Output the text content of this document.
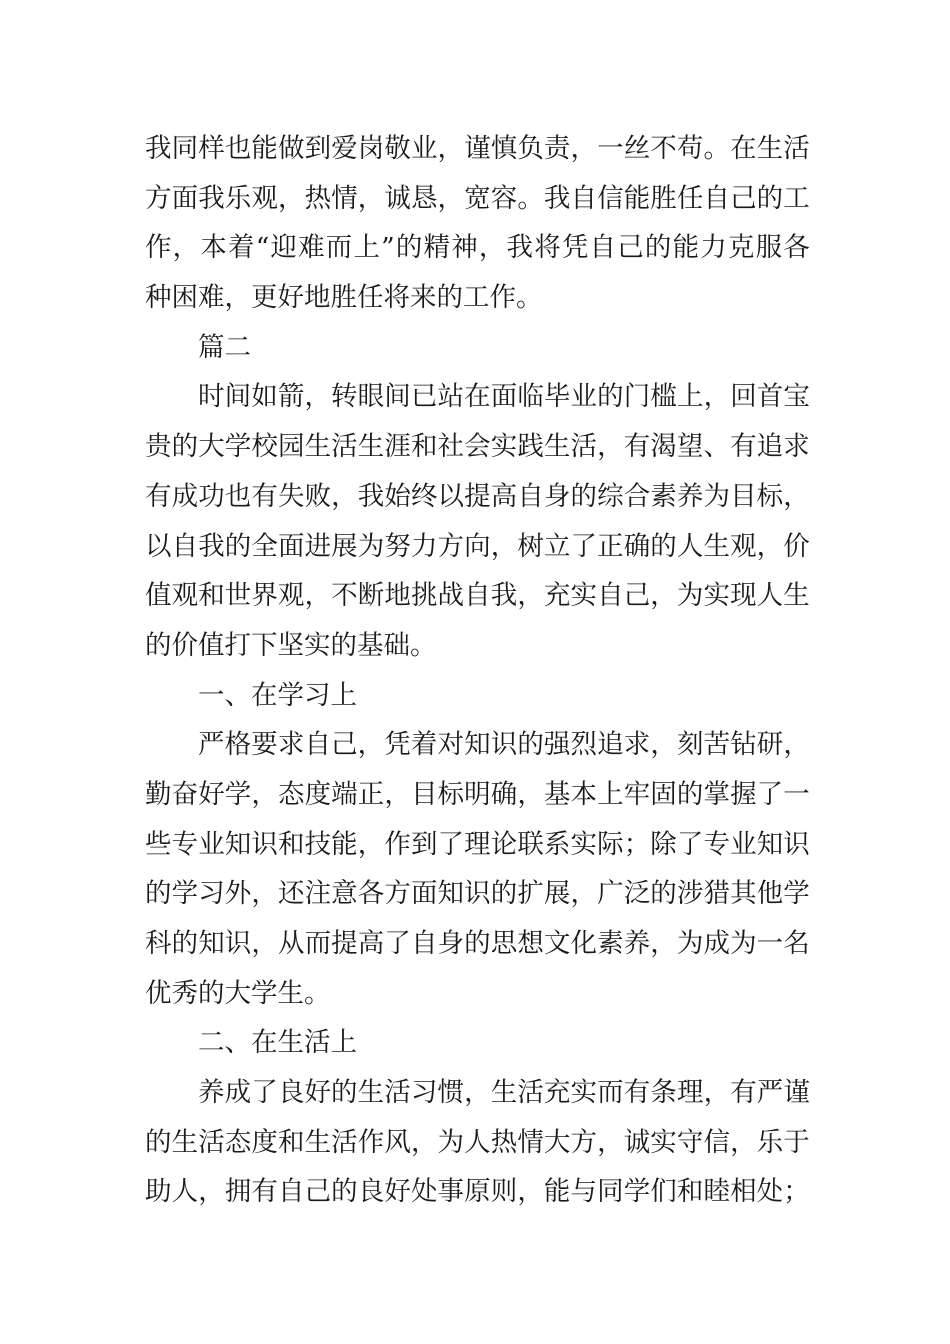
我 同 样 也 能 做 到 爱 岗 敬 业 ， 谨 慎 负 责 ， 一 丝 不 苟 。 在 生 活
方 面 我 乐 观 ， 热 情 ， 诚 恳 ， 宽 容 。 我 自 信 能 胜 任 自 己 的 工
作 ， 本 着 “ 迎 难 而 上 ” 的 精 神 ， 我 将 凭 自 己 的 能 力 克 服 各
种困难，更好地胜任将来的工作。
篇二
时 间 如 箭 ， 转 眼 间 已 站 在 面 临 毕 业 的 门 槛 上 ， 回 首 宝
贵 的 大 学 校 园 生 活 生 涯 和 社 会 实 践 生 活 ， 有 渴 望 、 有 追 求
有 成 功 也 有 失 败 ， 我 始 终 以 提 高 自 身 的 综 合 素 养 为 目 标 ，
以 自 我 的 全 面 进 展 为 努 力 方 向 ， 树 立 了 正 确 的 人 生 观 ， 价
值 观 和 世 界 观 ， 不 断 地 挑 战 自 我 ， 充 实 自 己 ， 为 实 现 人 生
的价值打下坚实的基础。
一、在学习上
严 格 要 求 自 己 ， 凭 着 对 知 识 的 强 烈 追 求 ， 刻 苦 钻 研 ，
勤 奋 好 学 ， 态 度 端 正 ， 目 标 明 确 ， 基 本 上 牢 固 的 掌 握 了 一
些 专 业 知 识 和 技 能 ， 作 到 了 理 论 联 系 实 际 ； 除 了 专 业 知 识
的 学 习 外 ， 还 注 意 各 方 面 知 识 的 扩 展 ， 广 泛 的 涉 猎 其 他 学
科 的 知 识 ， 从 而 提 高 了 自 身 的 思 想 文 化 素 养 ， 为 成 为 一 名
优秀的大学生。
二、在生活上
养 成 了 良 好 的 生 活 习 惯 ， 生 活 充 实 而 有 条 理 ， 有 严 谨
的 生 活 态 度 和 生 活 作 风 ， 为 人 热 情 大 方 ， 诚 实 守 信 ， 乐 于
助 人 ， 拥 有 自 己 的 良 好 处 事 原 则 ， 能 与 同 学 们 和 睦 相 处 ；
